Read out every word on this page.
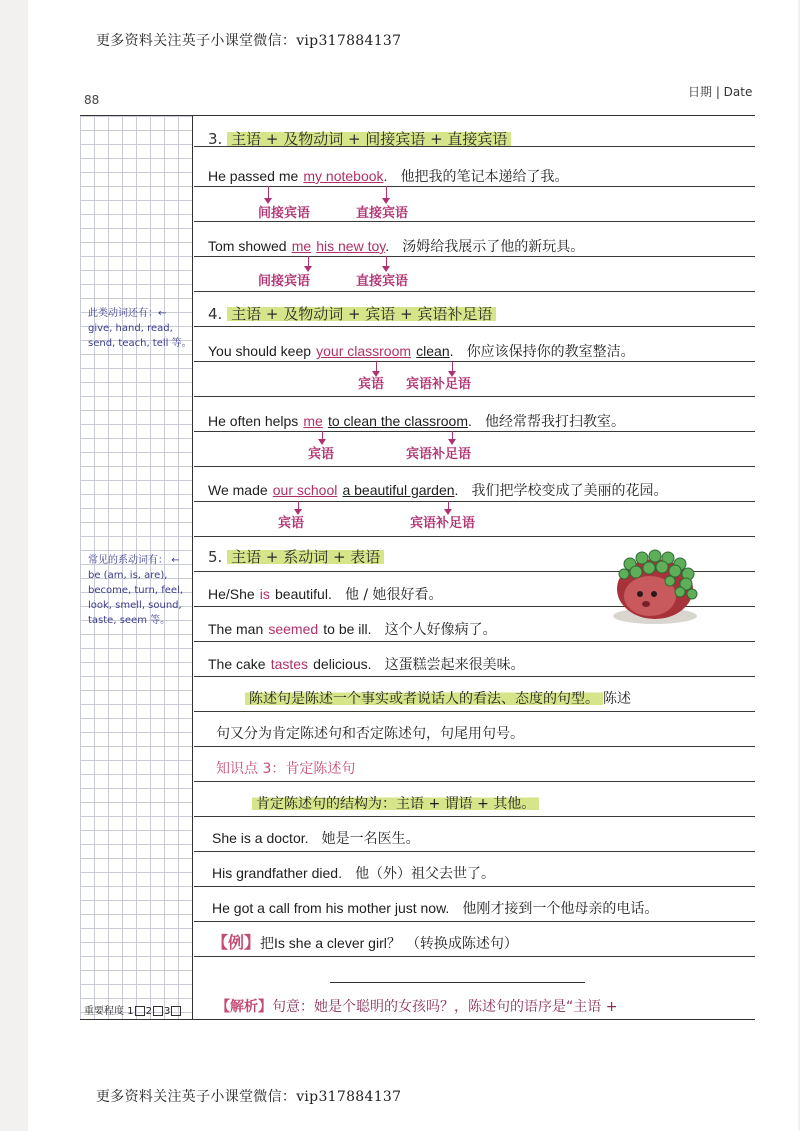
更多资料关注英子小课堂微信：vip317884137
88
日期 | Date
3. 主语 + 及物动词 + 间接宾语 + 直接宾语
He passed me my notebook. 他把我的笔记本递给了我。
间接宾语	直接宾语
Tom showed me his new toy. 汤姆给我展示了他的新玩具。
间接宾语	直接宾语
此类动词还有：←
give, hand, read, send, teach, tell 等。
4. 主语 + 及物动词 + 宾语 + 宾语补足语
You should keep your classroom clean. 你应该保持你的教室整洁。
宾语 宾语补足语
He often helps me to clean the classroom. 他经常帮我打扫教室。
宾语	宾语补足语
We made our school a beautiful garden. 我们把学校变成了美丽的花园。
宾语	宾语补足语
常见的系动词有： ←
be (am, is, are), become, turn, feel, look, smell, sound, taste, seem 等。
5. 主语 + 系动词 + 表语
He/She is beautiful. 他 / 她很好看。
The man seemed to be ill. 这个人好像病了。
The cake tastes delicious. 这蛋糕尝起来很美味。
陈述句是陈述一个事实或者说话人的看法、态度的句型。 陈述
句又分为肯定陈述句和否定陈述句，句尾用句号。
知识点 3：肯定陈述句
肯定陈述句的结构为：主语 + 谓语 + 其他。
She is a doctor. 她是一名医生。
His grandfather died. 他（外）祖父去世了。
He got a call from his mother just now. 他刚才接到一个他母亲的电话。
【例】把Is she a clever girl？ （转换成陈述句）
重要程度 1 2 3	【解析】句意：她是个聪明的女孩吗？，陈述句的语序是“主语 +
更多资料关注英子小课堂微信：vip317884137
